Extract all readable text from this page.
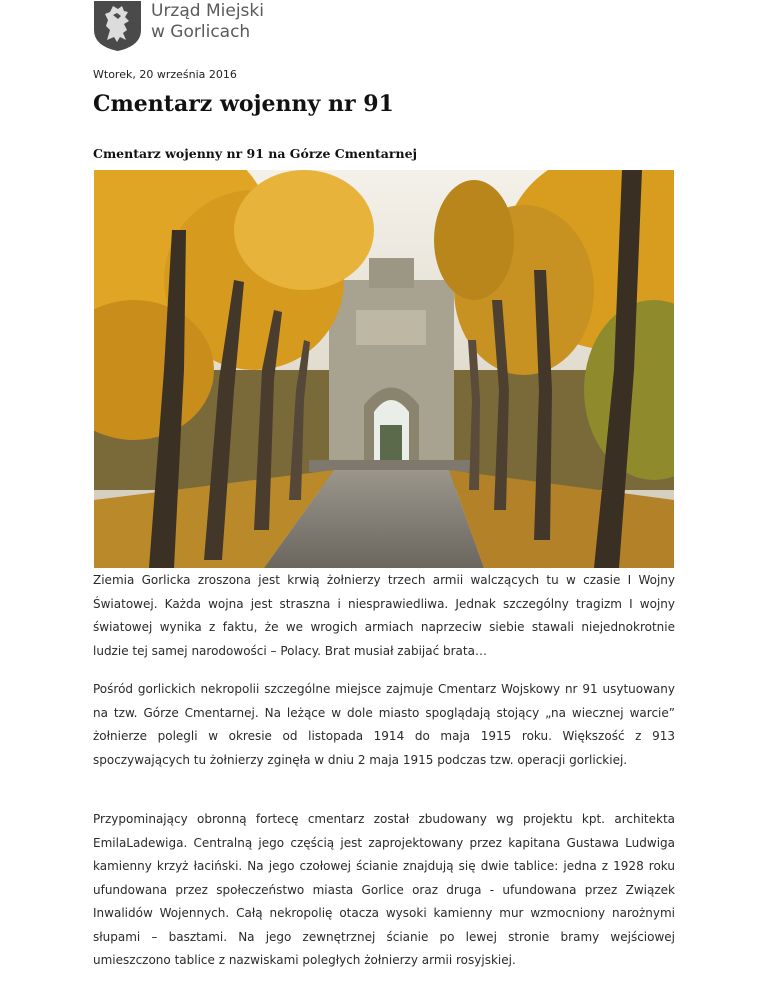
Urząd Miejski
w Gorlicach
Wtorek, 20 września 2016
Cmentarz wojenny nr 91
Cmentarz wojenny nr 91 na Górze Cmentarnej

Ziemia Gorlicka zroszona jest krwią żołnierzy trzech armii walczących tu w czasie I Wojny Światowej. Każda wojna jest straszna i niesprawiedliwa. Jednak szczególny tragizm I wojny światowej wynika z faktu, że we wrogich armiach naprzeciw siebie stawali niejednokrotnie ludzie tej samej narodowości – Polacy. Brat musiał zabijać brata…

Pośród gorlickich nekropolii szczególne miejsce zajmuje Cmentarz Wojskowy nr 91 usytuowany na tzw. Górze Cmentarnej. Na leżące w dole miasto spoglądają stojący „na wiecznej warcie” żołnierze polegli w okresie od listopada 1914 do maja 1915 roku. Większość z 913 spoczywających tu żołnierzy zginęła w dniu 2 maja 1915 podczas tzw. operacji gorlickiej.

Przypominający obronną fortecę cmentarz został zbudowany wg projektu kpt. architekta EmilaLadewiga. Centralną jego częścią jest zaprojektowany przez kapitana Gustawa Ludwiga kamienny krzyż łaciński. Na jego czołowej ścianie znajdują się dwie tablice: jedna z 1928 roku ufundowana przez społeczeństwo miasta Gorlice oraz druga - ufundowana przez Związek Inwalidów Wojennych. Całą nekropolię otacza wysoki kamienny mur wzmocniony narożnymi słupami – basztami. Na jego zewnętrznej ścianie po lewej stronie bramy wejściowej umieszczono tablice z nazwiskami poległych żołnierzy armii rosyjskiej.
